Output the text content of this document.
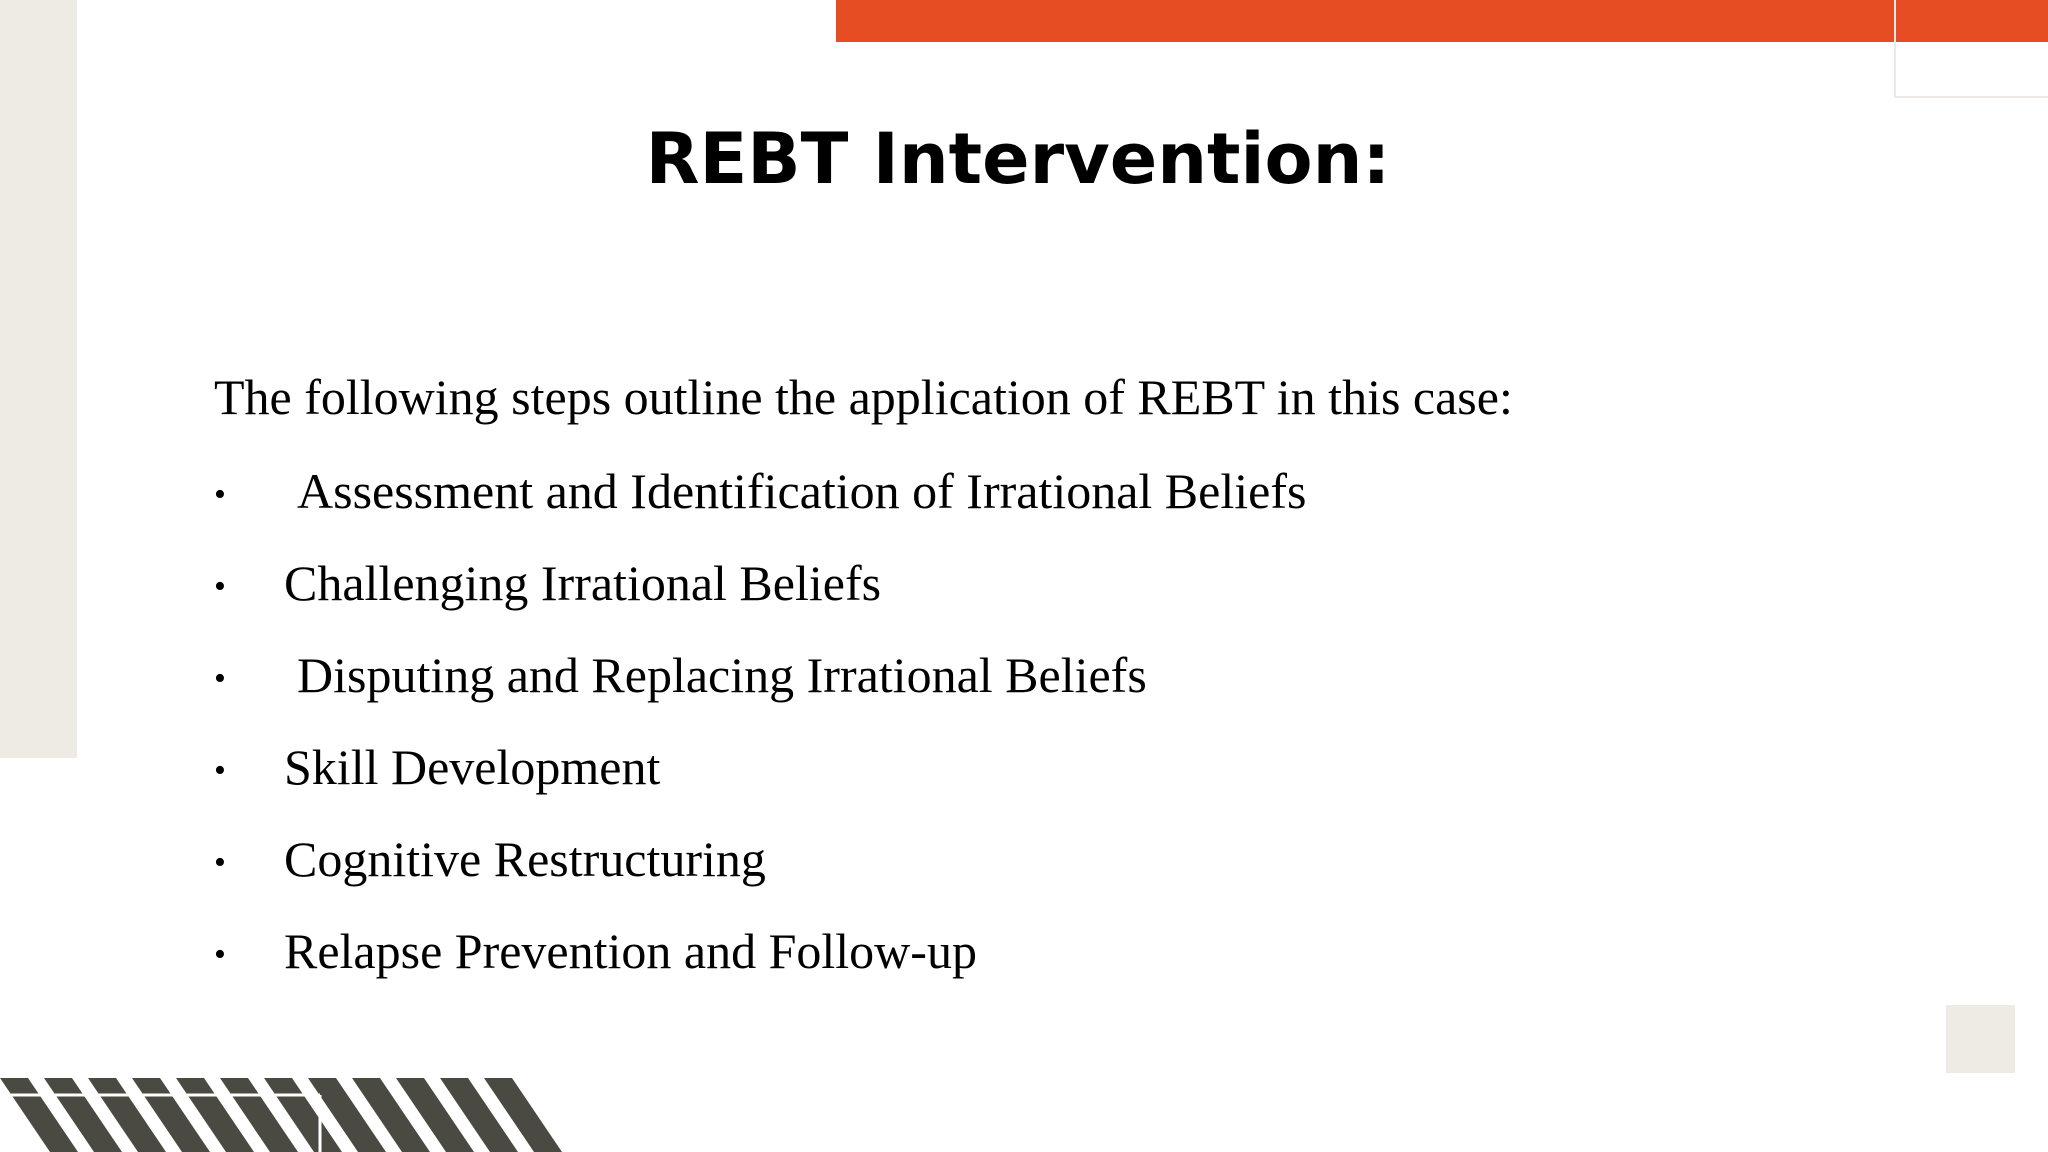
REBT Intervention:

The following steps outline the application of REBT in this case:

•	Assessment and Identification of Irrational Beliefs
•	Challenging Irrational Beliefs
•	Disputing and Replacing Irrational Beliefs
•	Skill Development
•	Cognitive Restructuring
•	Relapse Prevention and Follow-up
